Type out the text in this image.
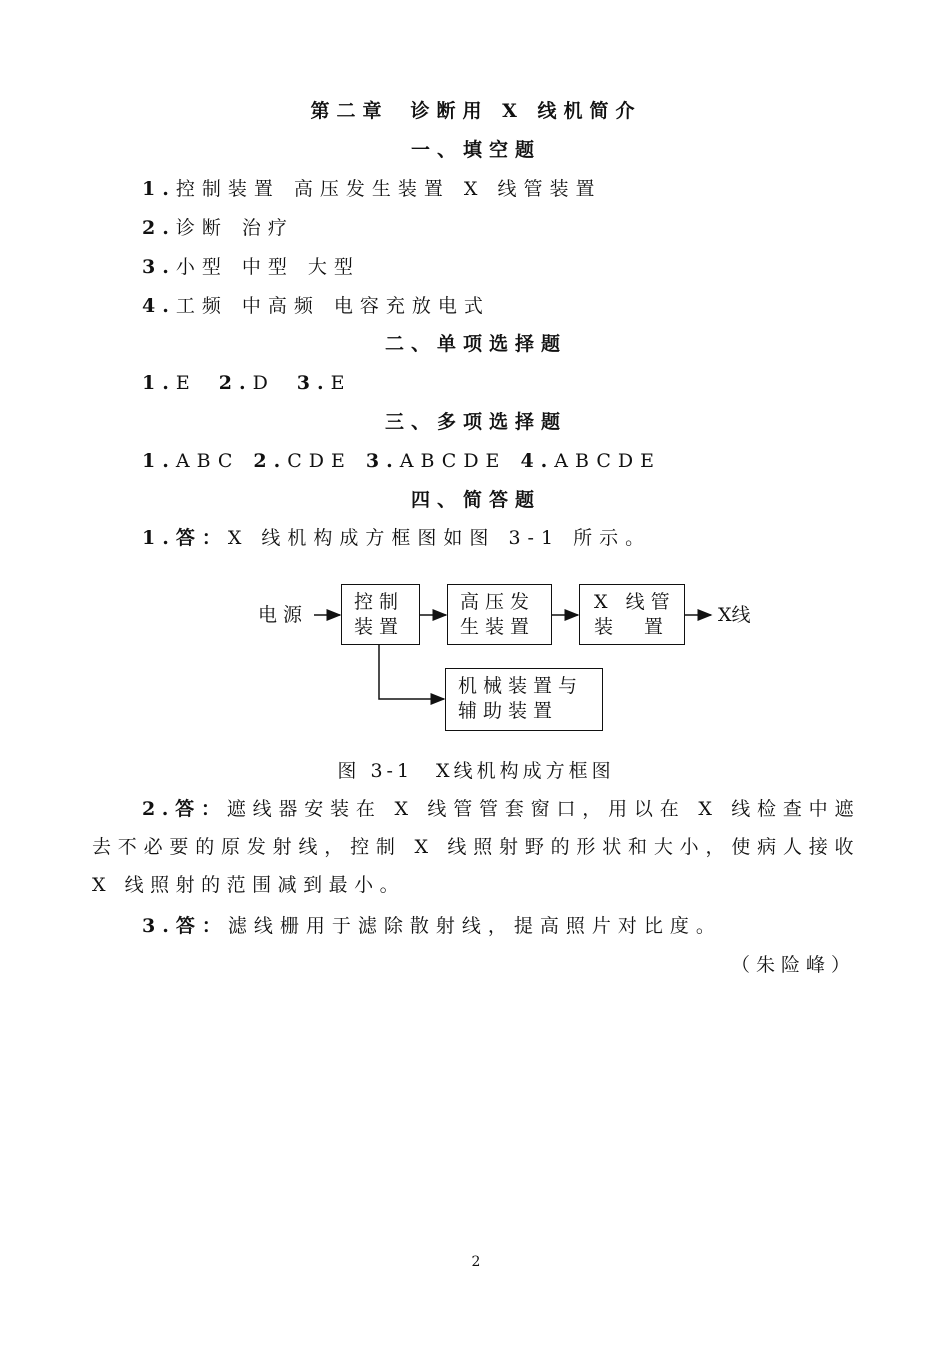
第二章 诊断用 X 线机简介
一、填空题
1.控制装置 高压发生装置 X 线管装置
2.诊断 治疗
3.小型 中型 大型
4.工频 中高频 电容充放电式
二、单项选择题
1.E 2.D 3.E
三、多项选择题
1.ABC 2.CDE 3.ABCDE 4.ABCDE
四、简答题
1.答：X 线机构成方框图如图 3-1 所示。
电源
控制
装置
高压发
生装置
X 线管
装　置
X线
机械装置与
辅助装置
图 3-1　X线机构成方框图
2.答：遮线器安装在 X 线管管套窗口，用以在 X 线检查中遮去不必要的原发射线，控制 X 线照射野的形状和大小，使病人接收 X 线照射的范围减到最小。
3.答：滤线栅用于滤除散射线，提高照片对比度。
（朱险峰）
2
